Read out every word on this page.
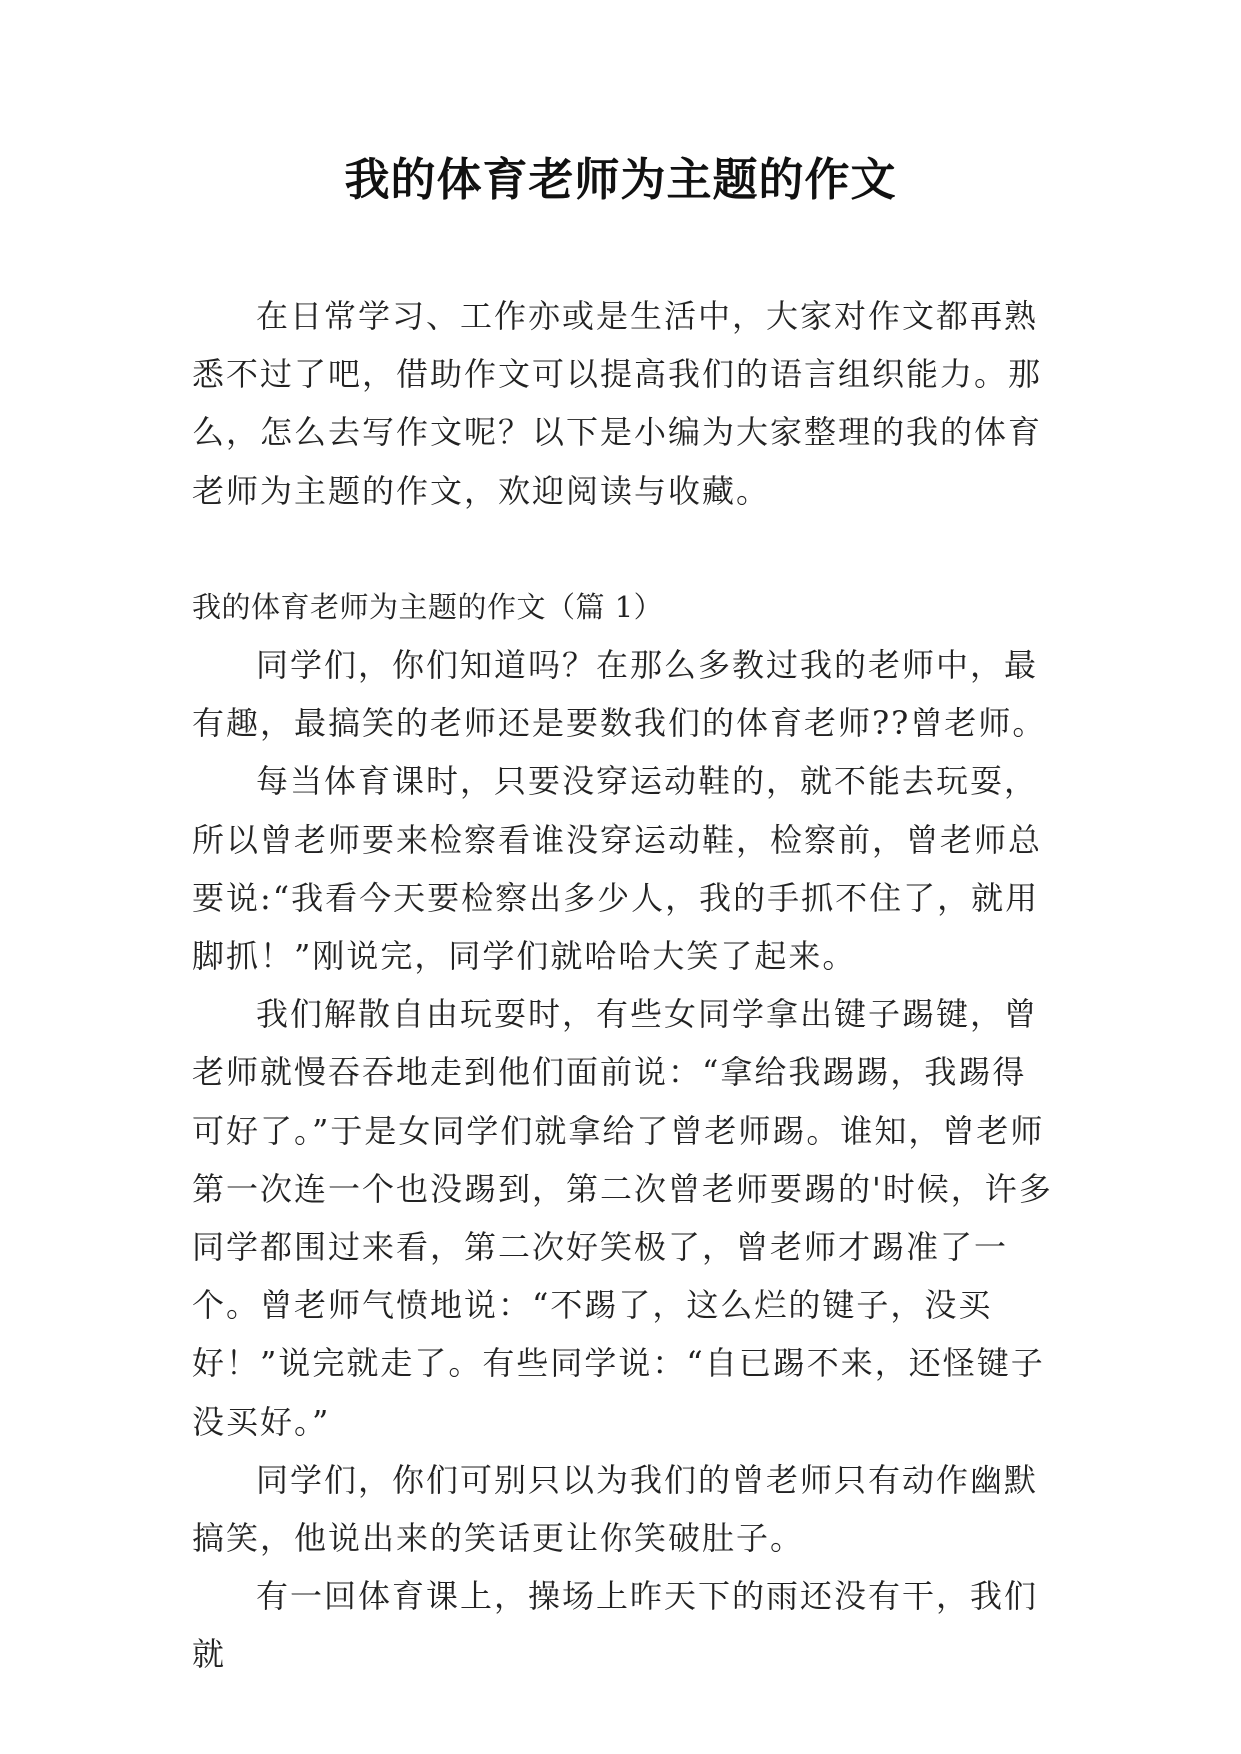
我的体育老师为主题的作文

在日常学习、工作亦或是生活中，大家对作文都再熟悉不过了吧，借助作文可以提高我们的语言组织能力。那么，怎么去写作文呢？以下是小编为大家整理的我的体育老师为主题的作文，欢迎阅读与收藏。

我的体育老师为主题的作文（篇 1）

同学们，你们知道吗？在那么多教过我的老师中，最有趣，最搞笑的老师还是要数我们的体育老师??曾老师。

每当体育课时，只要没穿运动鞋的，就不能去玩耍，所以曾老师要来检察看谁没穿运动鞋，检察前，曾老师总要说:“我看今天要检察出多少人，我的手抓不住了，就用脚抓！”刚说完，同学们就哈哈大笑了起来。

我们解散自由玩耍时，有些女同学拿出键子踢键，曾老师就慢吞吞地走到他们面前说：“拿给我踢踢，我踢得可好了。”于是女同学们就拿给了曾老师踢。谁知，曾老师第一次连一个也没踢到，第二次曾老师要踢的'时候，许多同学都围过来看，第二次好笑极了，曾老师才踢准了一个。曾老师气愤地说：“不踢了，这么烂的键子，没买好！”说完就走了。有些同学说：“自已踢不来，还怪键子没买好。”

同学们，你们可别只以为我们的曾老师只有动作幽默搞笑，他说出来的笑话更让你笑破肚子。

有一回体育课上，操场上昨天下的雨还没有干，我们就
